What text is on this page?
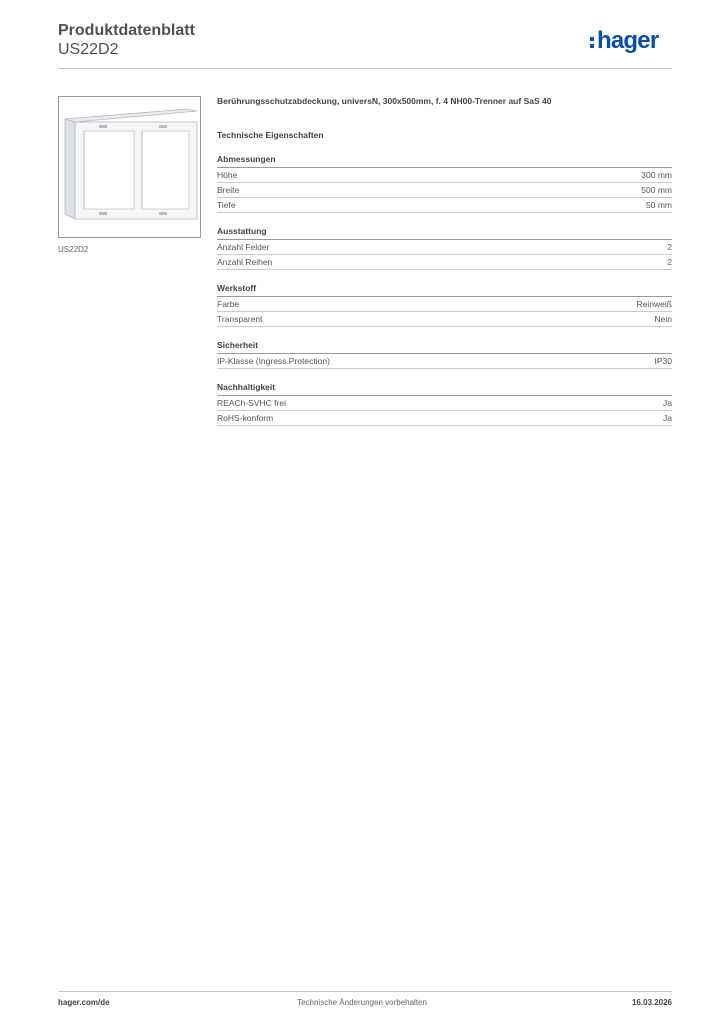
Produktdatenblatt
US22D2	hager
US22D2

Berührungsschutzabdeckung, universN, 300x500mm, f. 4 NH00-Trenner auf SaS 40

Technische Eigenschaften
Abmessungen
Höhe	300 mm
Breite	500 mm
Tiefe	50 mm
Ausstattung
Anzahl Felder	2
Anzahl Reihen	2
Werkstoff
Farbe	Reinweiß
Transparent	Nein
Sicherheit
IP-Klasse (Ingress Protection)	IP30
Nachhaltigkeit
REACh-SVHC frei	Ja
RoHS-konform	Ja
Technische Änderungen vorbehalten
hager.com/de	16.03.2026
